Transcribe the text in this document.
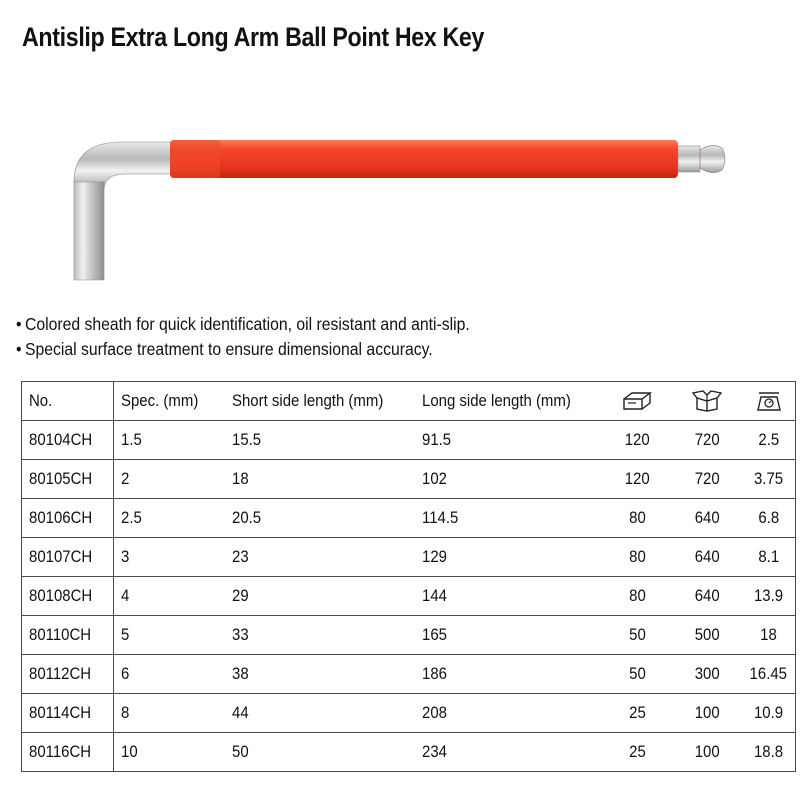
Antislip Extra Long Arm Ball Point Hex Key
• Colored sheath for quick identification, oil resistant and anti-slip.
• Special surface treatment to ensure dimensional accuracy.
No.	Spec. (mm)	Short side length (mm)	Long side length (mm)			
80104CH	1.5	15.5	91.5	120	720	2.5
80105CH	2	18	102	120	720	3.75
80106CH	2.5	20.5	114.5	80	640	6.8
80107CH	3	23	129	80	640	8.1
80108CH	4	29	144	80	640	13.9
80110CH	5	33	165	50	500	18
80112CH	6	38	186	50	300	16.45
80114CH	8	44	208	25	100	10.9
80116CH	10	50	234	25	100	18.8
